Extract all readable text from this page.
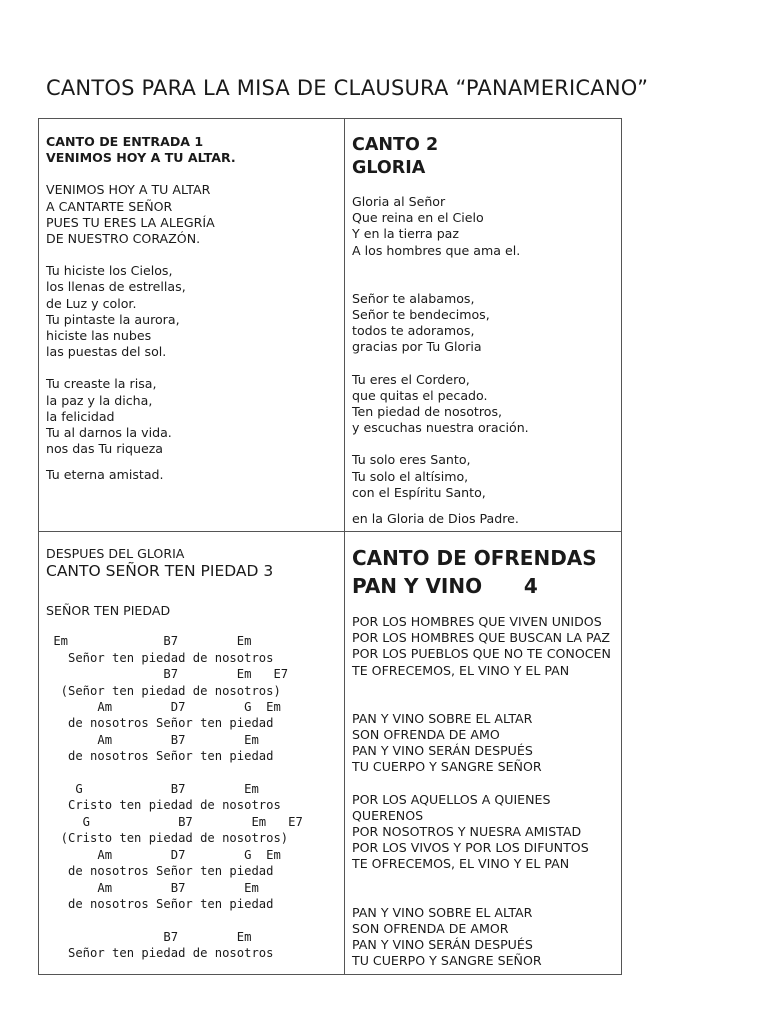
CANTOS PARA LA MISA DE CLAUSURA “PANAMERICANO”
CANTO DE ENTRADA 1
VENIMOS HOY A TU ALTAR.
VENIMOS HOY A TU ALTAR
A CANTARTE SEÑOR
PUES TU ERES LA ALEGRÍA
DE NUESTRO CORAZÓN.
Tu hiciste los Cielos,
los llenas de estrellas,
de Luz y color.
Tu pintaste la aurora,
hiciste las nubes
las puestas del sol.
Tu creaste la risa,
la paz y la dicha,
la felicidad
Tu al darnos la vida.
nos das Tu riqueza
Tu eterna amistad.
CANTO 2
GLORIA
Gloria al Señor
Que reina en el Cielo
Y en la tierra paz
A los hombres que ama el.
Señor te alabamos,
Señor te bendecimos,
todos te adoramos,
gracias por Tu Gloria
Tu eres el Cordero,
que quitas el pecado.
Ten piedad de nosotros,
y escuchas nuestra oración.
Tu solo eres Santo,
Tu solo el altísimo,
con el Espíritu Santo,
en la Gloria de Dios Padre.
DESPUES DEL GLORIA
CANTO SEÑOR TEN PIEDAD 3
SEÑOR TEN PIEDAD
Em             B7        Em
Señor ten piedad de nosotros
B7        Em   E7
(Señor ten piedad de nosotros)
Am        D7        G  Em
de nosotros Señor ten piedad
Am        B7        Em
de nosotros Señor ten piedad

G            B7        Em
Cristo ten piedad de nosotros
G            B7        Em   E7
(Cristo ten piedad de nosotros)
Am        D7        G  Em
de nosotros Señor ten piedad
Am        B7        Em
de nosotros Señor ten piedad

B7        Em
Señor ten piedad de nosotros
CANTO DE OFRENDAS
PAN Y VINO      4
POR LOS HOMBRES QUE VIVEN UNIDOS
POR LOS HOMBRES QUE BUSCAN LA PAZ
POR LOS PUEBLOS QUE NO TE CONOCEN
TE OFRECEMOS, EL VINO Y EL PAN
PAN Y VINO SOBRE EL ALTAR
SON OFRENDA DE AMO
PAN Y VINO SERÁN DESPUÉS
TU CUERPO Y SANGRE SEÑOR
POR LOS AQUELLOS A QUIENES
QUERENOS
POR NOSOTROS Y NUESRA AMISTAD
POR LOS VIVOS Y POR LOS DIFUNTOS
TE OFRECEMOS, EL VINO Y EL PAN
PAN Y VINO SOBRE EL ALTAR
SON OFRENDA DE AMOR
PAN Y VINO SERÁN DESPUÉS
TU CUERPO Y SANGRE SEÑOR
